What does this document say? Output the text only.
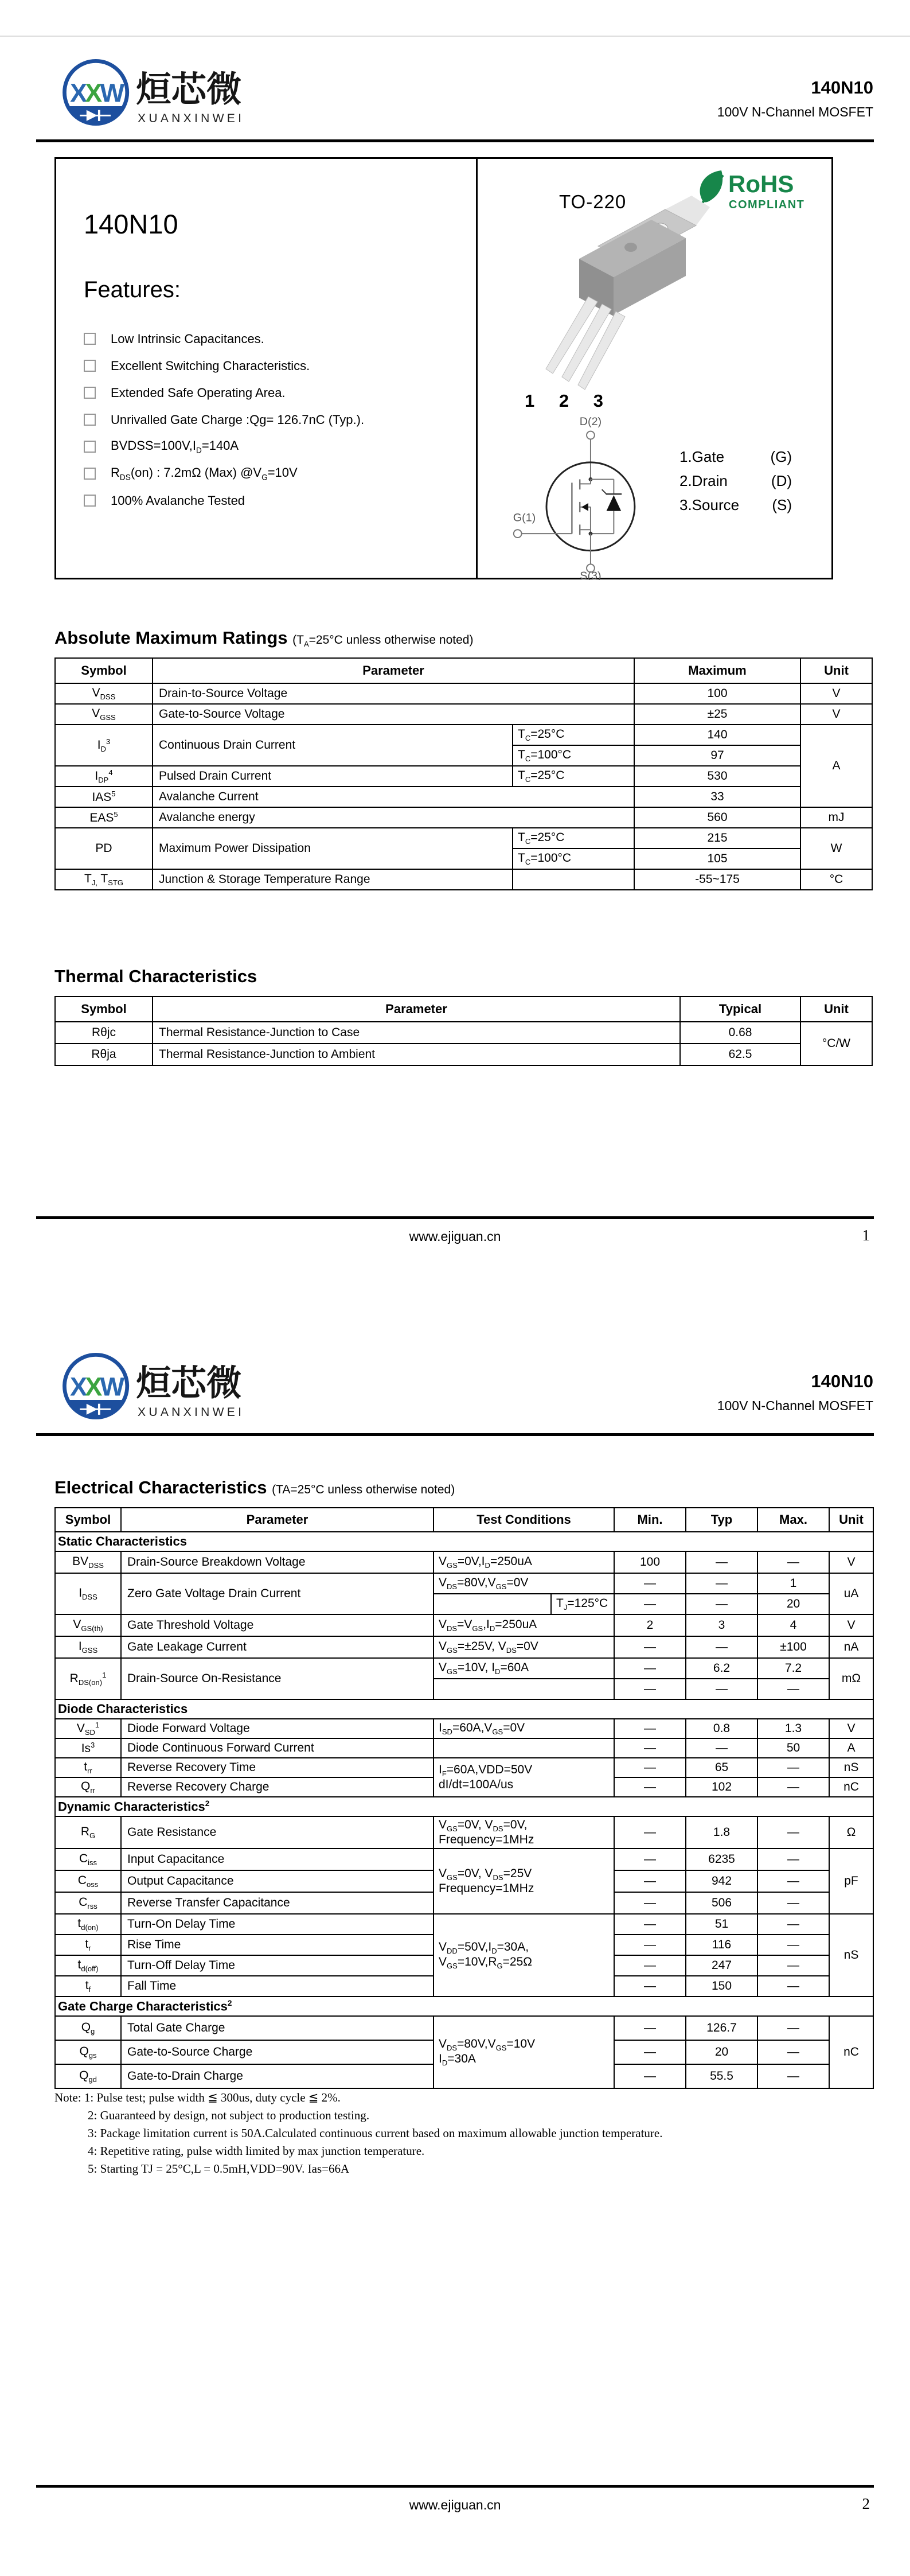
XXW 烜芯微
XUANXINWEI
140N10
100V N-Channel MOSFET
140N10
Features:
Low Intrinsic Capacitances.
Excellent Switching Characteristics.
Extended Safe Operating Area.
Unrivalled Gate Charge :Qg= 126.7nC (Typ.).
$BVDSS=100V,I_D=140A$
$R_{DS}(on)$ : 7.2mΩ (Max) $@V_G=10V$
100% Avalanche Tested
TO-220
RoHS
COMPLIANT
1 2 3
D(2)
G(1)
S(3)
1.Gate	(G)
2.Drain	(D)
3.Source (S)
Absolute Maximum Ratings ($T_A=25^\circ C$ unless otherwise noted)
Symbol	Parameter		Maximum	Unit
$V_{DSS}$	Drain-to-Source Voltage		100	V
$V_{GSS}$	Gate-to-Source Voltage		±25	V
$I_D^3$	Continuous Drain Current	$T_C=25^\circ C$	140	A
		$T_C=100^\circ C$	97	
$I_{DP}^4$	Pulsed Drain Current	$T_C=25^\circ C$	530	
IAS$^5$	Avalanche Current		33	
EAS$^5$	Avalanche energy		560	mJ
PD	Maximum Power Dissipation	$T_C=25^\circ C$	215	W
		$T_C=100^\circ C$	105	
$T_{J,}$ $T_{STG}$	Junction & Storage Temperature Range		-55~175	°C
Thermal Characteristics
Symbol	Parameter	Typical	Unit
Rθjc	Thermal Resistance-Junction to Case	0.68	°C/W
Rθja	Thermal Resistance-Junction to Ambient	62.5	
www.ejiguan.cn	1
XXW 烜芯微
XUANXINWEI
140N10
100V N-Channel MOSFET
Electrical Characteristics (TA=25°C unless otherwise noted)
Symbol	Parameter	Test Conditions		Min.	Typ	Max.	Unit
Static Characteristics							
$BV_{DSS}$	Drain-Source Breakdown Voltage	$V_{GS}=0V,I_D=250uA$		100	—	—	V
$I_{DSS}$	Zero Gate Voltage Drain Current	$V_{DS}=80V,V_{GS}=0V$		—	—	1	uA
			$T_J=125^\circ C$	—	—	20	
$V_{GS(th)}$	Gate Threshold Voltage	$V_{DS}=V_{GS},I_D=250uA$		2	3	4	V
$I_{GSS}$	Gate Leakage Current	$V_{GS}=\pm 25V$, $V_{DS}=0V$		—	—	±100	nA
$R_{DS(on)}^1$	Drain-Source On-Resistance	$V_{GS}=10V$, $I_D=60A$		—	6.2	7.2	mΩ
				—	—	—	
Diode Characteristics							
$V_{SD}^1$	Diode Forward Voltage	$I_{SD}=60A,V_{GS}=0V$		—	0.8	1.3	V
Is$^3$	Diode Continuous Forward Current			—	—	50	A
$t_{rr}$	Reverse Recovery Time	$I_F=60A,VDD=50V$
dI/dt=100A/us		—	65	—	nS
$Q_{rr}$	Reverse Recovery Charge			—	102	—	nC
Dynamic Characteristics$^2$
$R_G$	Gate Resistance	$V_{GS}=0V$, $V_{DS}=0V$,
Frequency=1MHz		—	1.8	—	Ω
$C_{iss}$	Input Capacitance	$V_{GS}=0V$, $V_{DS}=25V$
Frequency=1MHz		—	6235	—	pF
$C_{oss}$	Output Capacitance			—	942	—	
$C_{rss}$	Reverse Transfer Capacitance			—	506	—	
$t_{d(on)}$	Turn-On Delay Time	$V_{DD}=50V,I_D=30A$,
$V_{GS}=10V,R_G=25\Omega$		—	51	—	nS
$t_r$	Rise Time			—	116	—	
$t_{d(off)}$	Turn-Off Delay Time			—	247	—	
$t_f$	Fall Time			—	150	—	
Gate Charge Characteristics$^2$
$Q_g$	Total Gate Charge	$V_{DS}=80V,V_{GS}=10V$
$I_D=30A$		—	126.7	—	nC
$Q_{gs}$	Gate-to-Source Charge			—	20	—	
$Q_{gd}$	Gate-to-Drain Charge			—	55.5	—	
Note: 1: Pulse test; pulse width ≦ 300us, duty cycle ≦ 2%.
2: Guaranteed by design, not subject to production testing.
3: Package limitation current is 50A.Calculated continuous current based on maximum allowable junction temperature.
4: Repetitive rating, pulse width limited by max junction temperature.
5: Starting TJ = 25°C,L = 0.5mH,VDD=90V. Ias=66A
www.ejiguan.cn	2
